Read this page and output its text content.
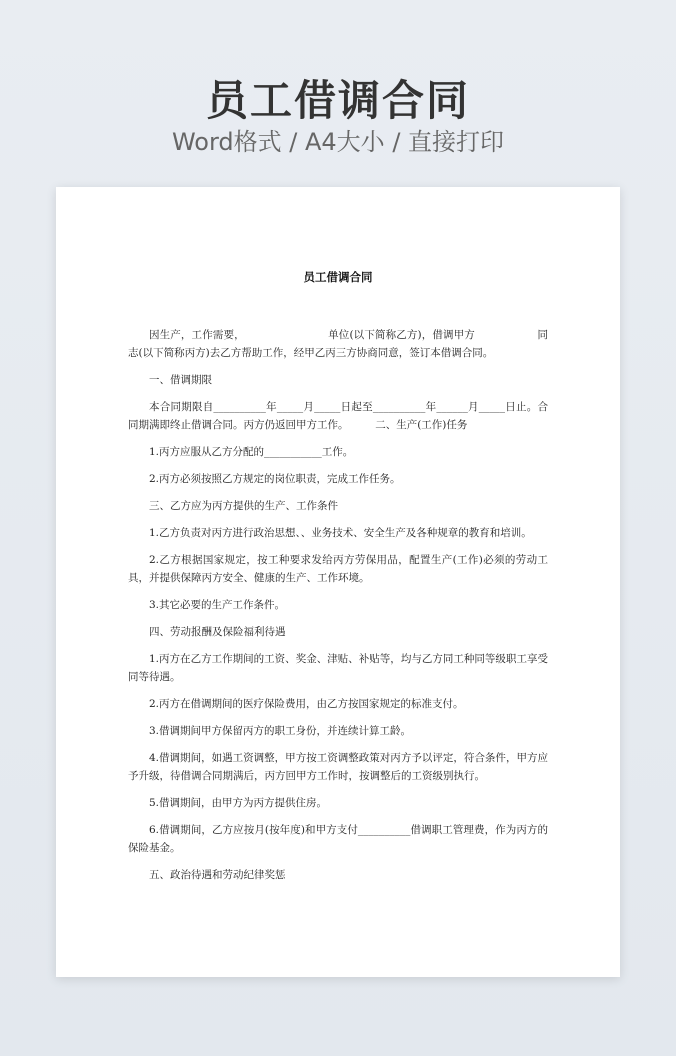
员工借调合同
Word格式 / A4大小 / 直接打印
员工借调合同

因生产，工作需要，                        单位(以下简称乙方)，借调甲方                  同志(以下简称丙方)去乙方帮助工作，经甲乙丙三方协商同意，签订本借调合同。

一、借调期限

本合同期限自__________年_____月_____日起至__________年______月_____日止。合同期满即终止借调合同。丙方仍返回甲方工作。        二、生产(工作)任务

1.丙方应服从乙方分配的___________工作。

2.丙方必须按照乙方规定的岗位职责，完成工作任务。

三、乙方应为丙方提供的生产、工作条件

1.乙方负责对丙方进行政治思想、、业务技术、安全生产及各种规章的教育和培训。

2.乙方根据国家规定，按工种要求发给丙方劳保用品，配置生产(工作)必须的劳动工具，并提供保障丙方安全、健康的生产、工作环境。

3.其它必要的生产工作条件。

四、劳动报酬及保险福利待遇

1.丙方在乙方工作期间的工资、奖金、津贴、补贴等，均与乙方同工种同等级职工享受同等待遇。

2.丙方在借调期间的医疗保险费用，由乙方按国家规定的标准支付。

3.借调期间甲方保留丙方的职工身份，并连续计算工龄。

4.借调期间，如遇工资调整，甲方按工资调整政策对丙方予以评定，符合条件，甲方应予升级，待借调合同期满后，丙方回甲方工作时，按调整后的工资级别执行。

5.借调期间，由甲方为丙方提供住房。

6.借调期间，乙方应按月(按年度)和甲方支付__________借调职工管理费，作为丙方的保险基金。

五、政治待遇和劳动纪律奖惩
